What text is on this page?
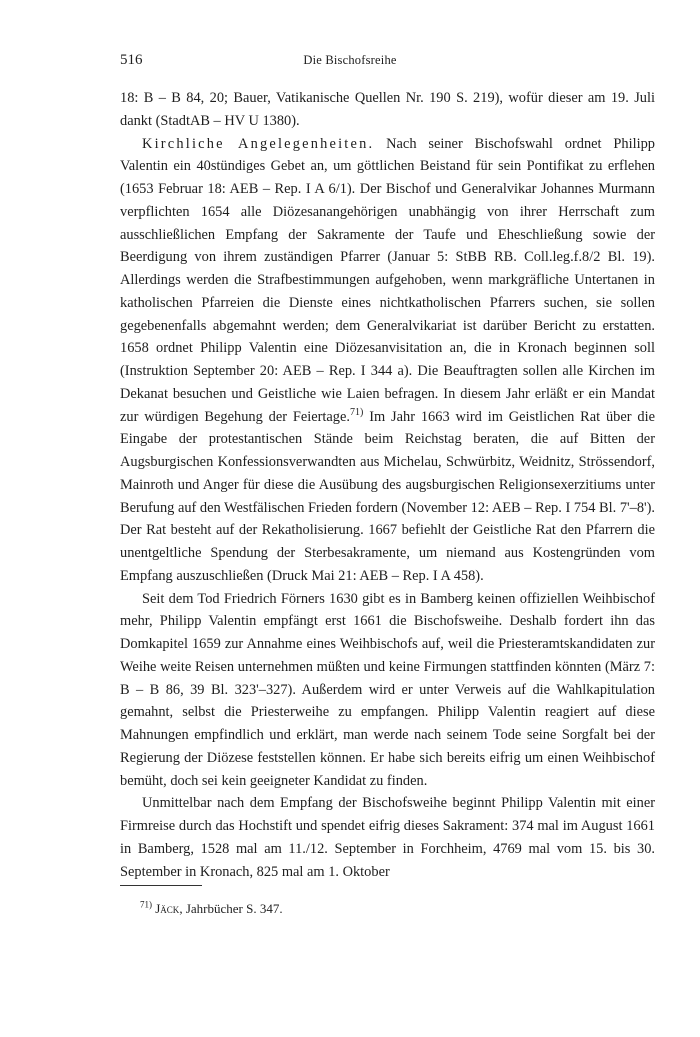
516	Die Bischofsreihe

18: B – B 84, 20; Bauer, Vatikanische Quellen Nr. 190 S. 219), wofür dieser am 19. Juli dankt (StadtAB – HV U 1380).

Kirchliche Angelegenheiten. Nach seiner Bischofswahl ordnet Philipp Valentin ein 40stündiges Gebet an, um göttlichen Beistand für sein Pontifikat zu erflehen (1653 Februar 18: AEB – Rep. I A 6/1). Der Bischof und Generalvikar Johannes Murmann verpflichten 1654 alle Diözesanangehörigen unabhängig von ihrer Herrschaft zum ausschließlichen Empfang der Sakramente der Taufe und Eheschließung sowie der Beerdigung von ihrem zuständigen Pfarrer (Januar 5: StBB RB. Coll.leg.f.8/2 Bl. 19). Allerdings werden die Strafbestimmungen aufgehoben, wenn markgräfliche Untertanen in katholischen Pfarreien die Dienste eines nichtkatholischen Pfarrers suchen, sie sollen gegebenenfalls abgemahnt werden; dem Generalvikariat ist darüber Bericht zu erstatten. 1658 ordnet Philipp Valentin eine Diözesanvisitation an, die in Kronach beginnen soll (Instruktion September 20: AEB – Rep. I 344 a). Die Beauftragten sollen alle Kirchen im Dekanat besuchen und Geistliche wie Laien befragen. In diesem Jahr erläßt er ein Mandat zur würdigen Begehung der Feiertage.$^{71)}$ Im Jahr 1663 wird im Geistlichen Rat über die Eingabe der protestantischen Stände beim Reichstag beraten, die auf Bitten der Augsburgischen Konfessionsverwandten aus Michelau, Schwürbitz, Weidnitz, Strössendorf, Mainroth und Anger für diese die Ausübung des augsburgischen Religionsexerzitiums unter Berufung auf den Westfälischen Frieden fordern (November 12: AEB – Rep. I 754 Bl. 7'–8'). Der Rat besteht auf der Rekatholisierung. 1667 befiehlt der Geistliche Rat den Pfarrern die unentgeltliche Spendung der Sterbesakramente, um niemand aus Kostengründen vom Empfang auszuschließen (Druck Mai 21: AEB – Rep. I A 458).

Seit dem Tod Friedrich Förners 1630 gibt es in Bamberg keinen offiziellen Weihbischof mehr, Philipp Valentin empfängt erst 1661 die Bischofsweihe. Deshalb fordert ihn das Domkapitel 1659 zur Annahme eines Weihbischofs auf, weil die Priesteramtskandidaten zur Weihe weite Reisen unternehmen müßten und keine Firmungen stattfinden könnten (März 7: B – B 86, 39 Bl. 323'–327). Außerdem wird er unter Verweis auf die Wahlkapitulation gemahnt, selbst die Priesterweihe zu empfangen. Philipp Valentin reagiert auf diese Mahnungen empfindlich und erklärt, man werde nach seinem Tode seine Sorgfalt bei der Regierung der Diözese feststellen können. Er habe sich bereits eifrig um einen Weihbischof bemüht, doch sei kein geeigneter Kandidat zu finden.

Unmittelbar nach dem Empfang der Bischofsweihe beginnt Philipp Valentin mit einer Firmreise durch das Hochstift und spendet eifrig dieses Sakrament: 374 mal im August 1661 in Bamberg, 1528 mal am 11./12. September in Forchheim, 4769 mal vom 15. bis 30. September in Kronach, 825 mal am 1. Oktober

$^{71)}$ Jäck, Jahrbücher S. 347.
